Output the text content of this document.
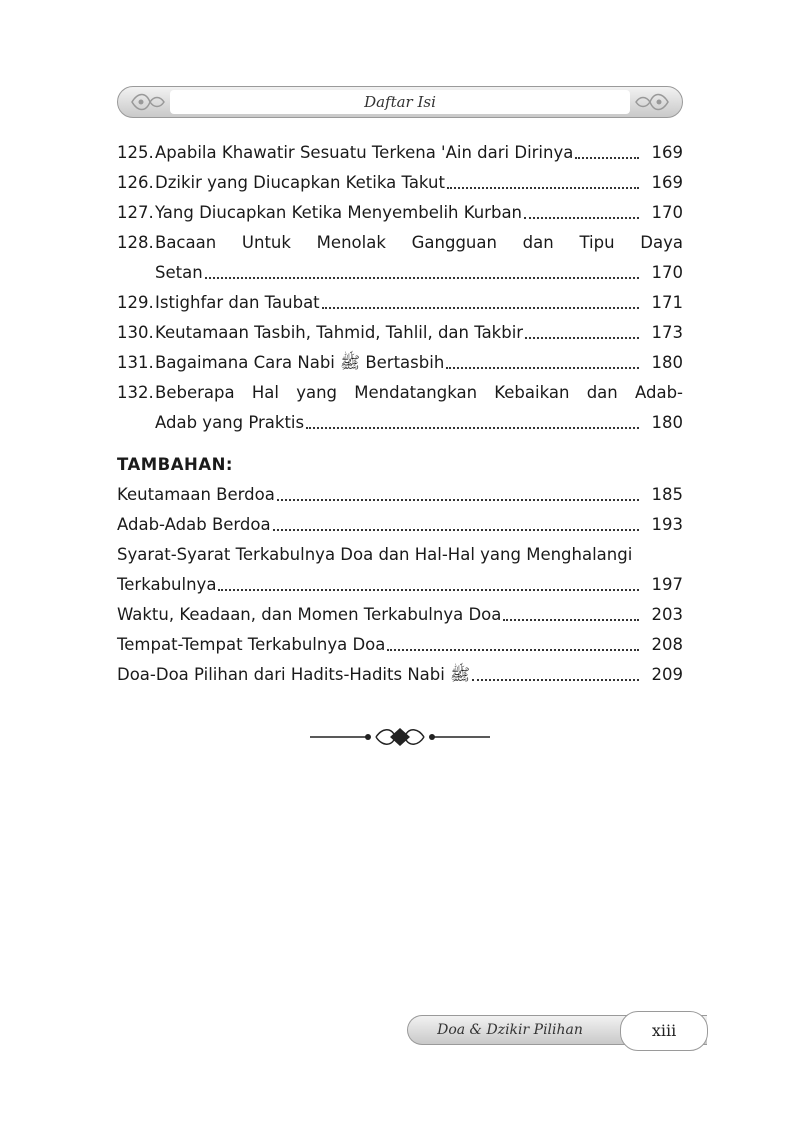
Daftar Isi
125. Apabila Khawatir Sesuatu Terkena 'Ain dari Dirinya	169
126. Dzikir yang Diucapkan Ketika Takut	169
127. Yang Diucapkan Ketika Menyembelih Kurban	170
128.Bacaan Untuk Menolak Gangguan dan Tipu Daya
Setan	170
129. Istighfar dan Taubat	171
130. Keutamaan Tasbih, Tahmid, Tahlil, dan Takbir	173
131. Bagaimana Cara Nabi ﷺ Bertasbih	180
132.Beberapa Hal yang Mendatangkan Kebaikan dan Adab-
Adab yang Praktis	180
TAMBAHAN:
Keutamaan Berdoa	185
Adab-Adab Berdoa	193
Syarat-Syarat Terkabulnya Doa dan Hal-Hal yang Menghalangi
Terkabulnya	197
Waktu, Keadaan, dan Momen Terkabulnya Doa	203
Tempat-Tempat Terkabulnya Doa	208
Doa-Doa Pilihan dari Hadits-Hadits Nabi ﷺ	209
Doa & Dzikir Pilihan	xiii
